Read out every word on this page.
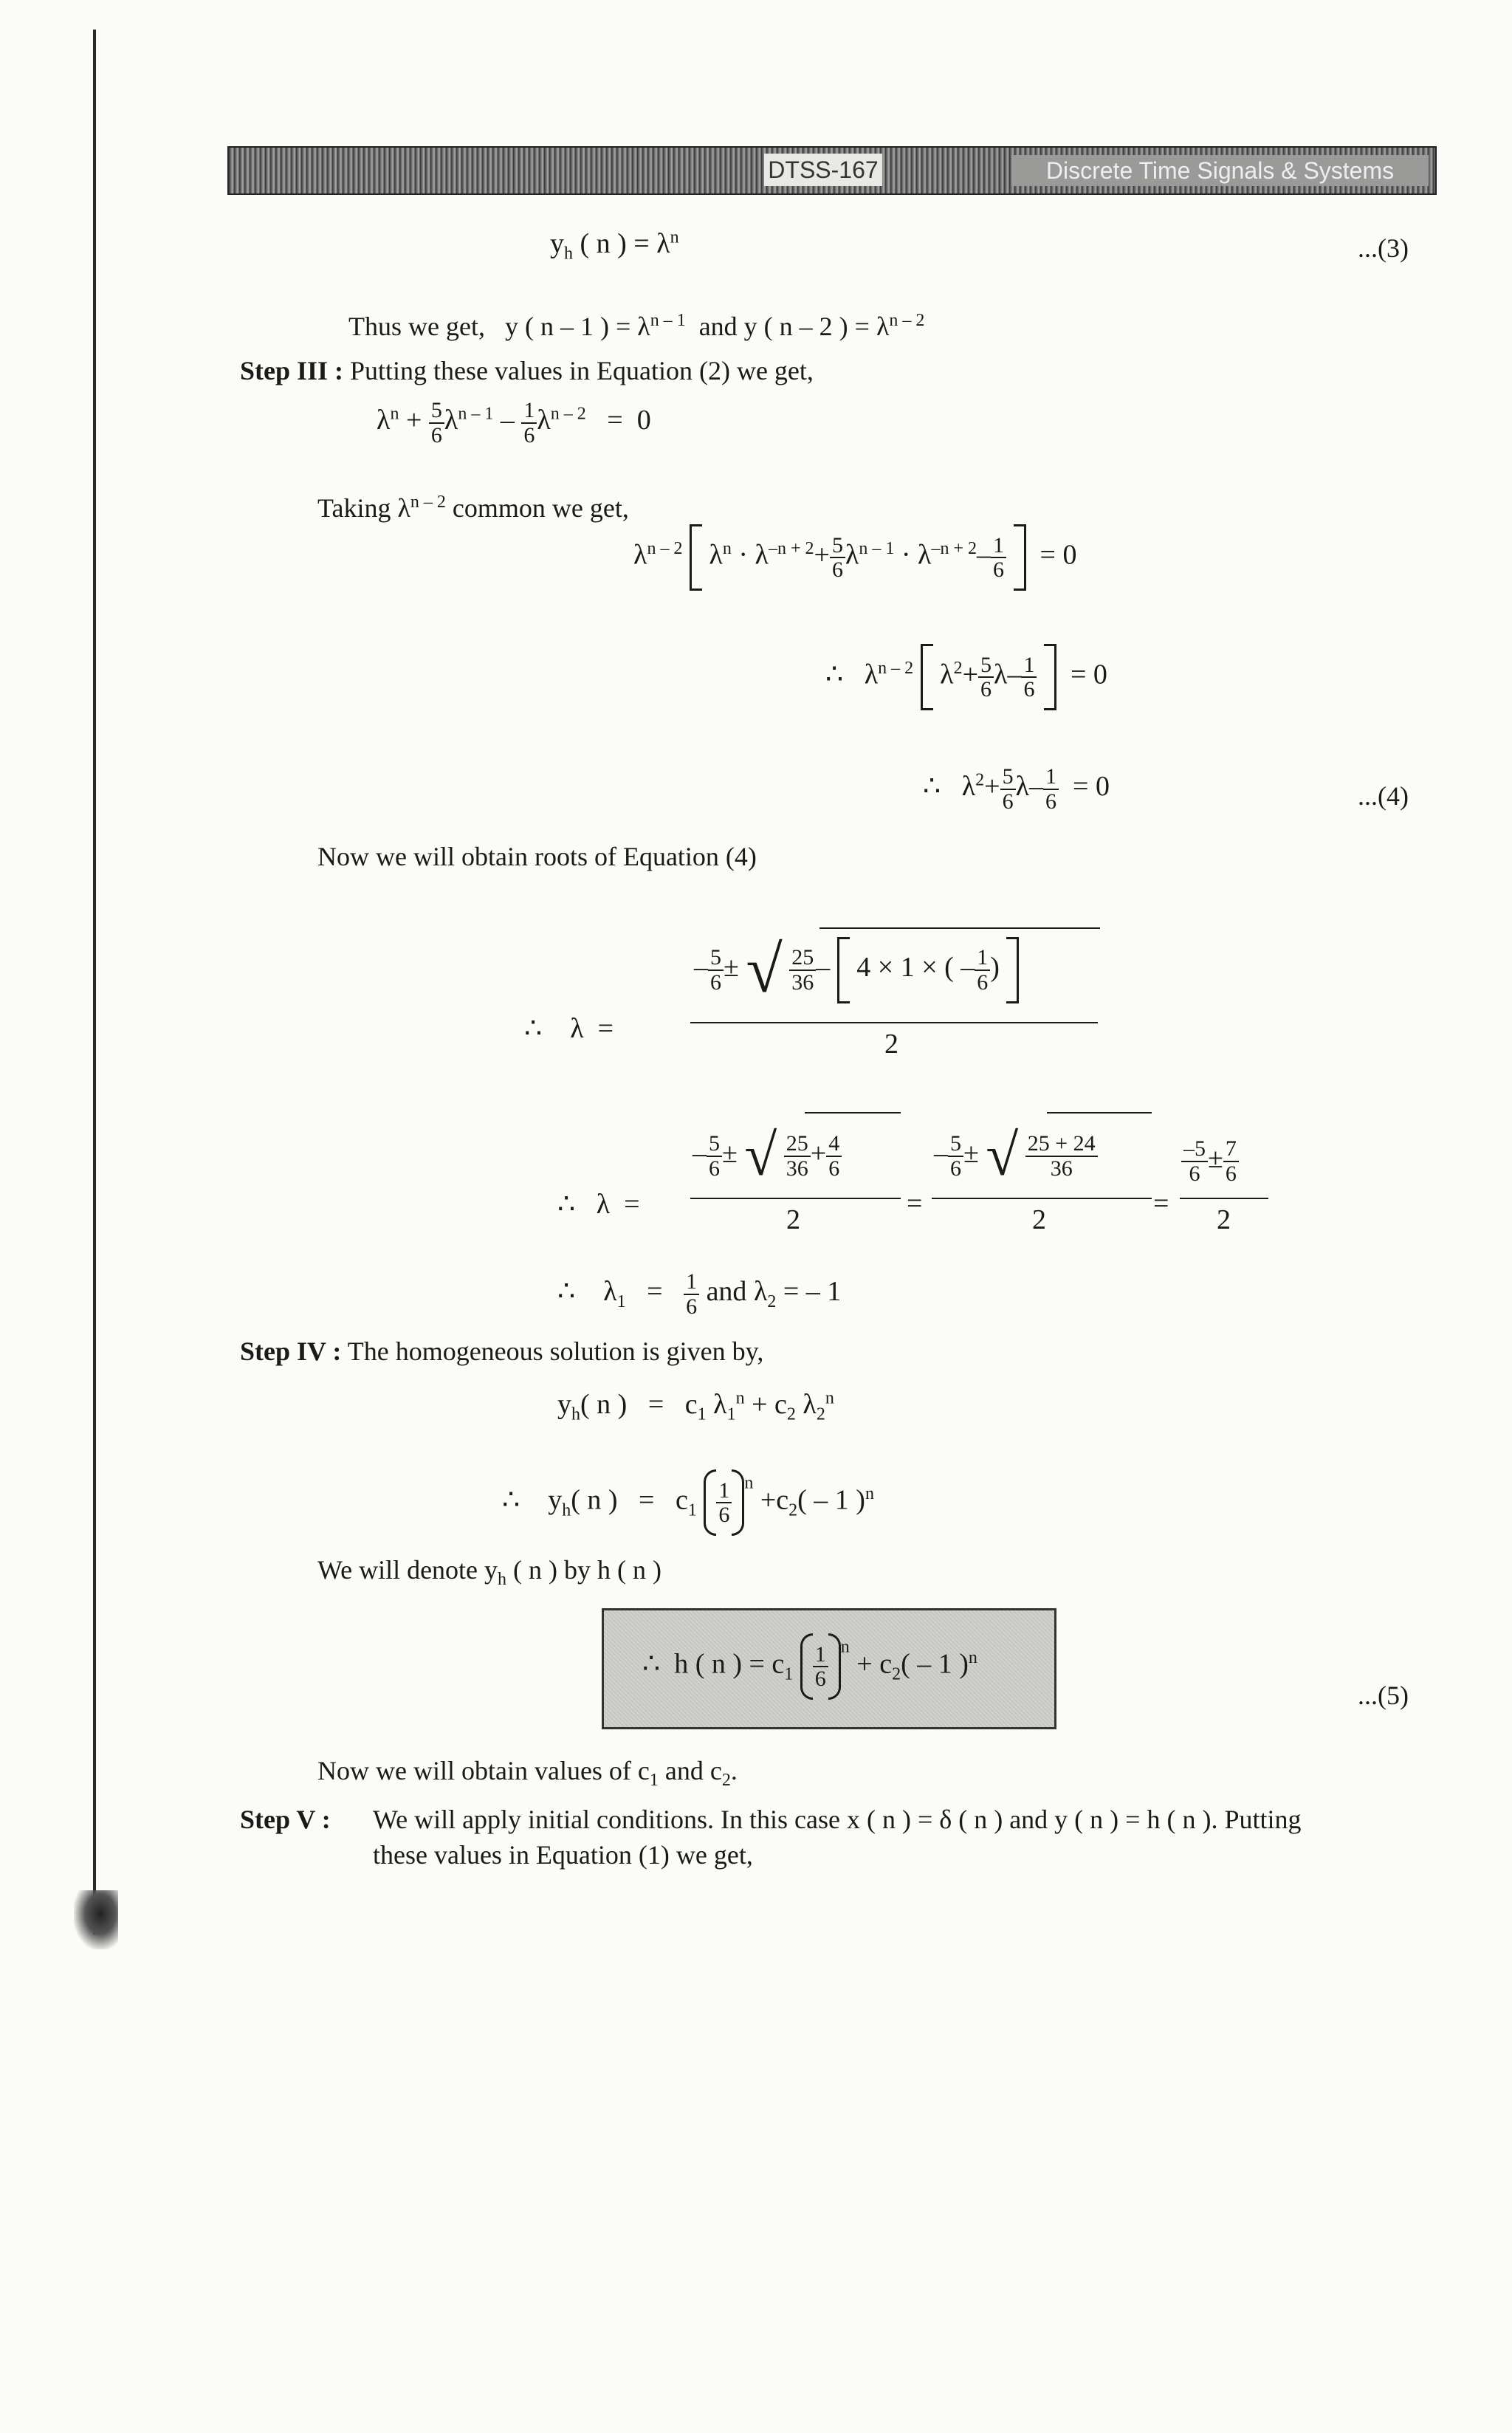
DTSS-167	Discrete Time Signals & Systems
$y_h$ ( n ) = $\lambda^n$	...(3)
Thus we get, y ( n – 1 ) = $\lambda^{n - 1}$ and y ( n – 2 ) = $\lambda^{n - 2}$
Step III : Putting these values in Equation (2) we get,
$\lambda^n + \frac{5}{6} \lambda^{n - 1} - \frac{1}{6} \lambda^{n - 2} = 0$
Taking $\lambda^{n - 2}$ common we get,
$\lambda^{n - 2}$ $\lambda^n \cdot \lambda^{-n + 2}+ \frac{5}{6} \lambda^{n - 1} \cdot \lambda^{-n + 2}- \frac{1}{6} = 0$
∴ $\lambda^{n - 2}$ $\lambda^2+ \frac{5}{6} \lambda- \frac{1}{6} = 0$
∴ $\lambda^2+ \frac{5}{6} \lambda- \frac{1}{6} = 0$	...(4)
Now we will obtain roots of Equation (4)
∴ λ =
– $\frac{5}{6}$ ± √ $\frac{25}{36} - 4 \times 1$ × ( – $\frac{1}{6}$ )
2
∴ λ =
– $\frac{5}{6}$ ± √ $\frac{25}{36} + \frac{4}{6}$
2
=
– $\frac{5}{6}$ ± √ $\frac{25 + 24}{36}$
2
=
$\frac{-5}{6} \pm \frac{7}{6}$
2
∴ $\lambda_1 = \frac{1}{6}$ and $\lambda_2$ = – 1
Step IV : The homogeneous solution is given by,
$y_h$( n ) = $c_1$ $\lambda_1^n + c_2$ $\lambda_2^n$
∴ $y_h$( n ) = $c_1 \frac{1}{6} ^n +c_2( - 1$ )$^n$
We will denote $y_h$ ( n ) by h ( n )
∴ h ( n ) = $c_1 \frac{1}{6} ^n + c_2( - 1$ )$^n$
...(5)
Now we will obtain values of $c_1$ and $c_2$.
Step V : We will apply initial conditions. In this case x ( n ) = δ ( n ) and y ( n ) = h ( n ). Putting
these values in Equation (1) we get,
